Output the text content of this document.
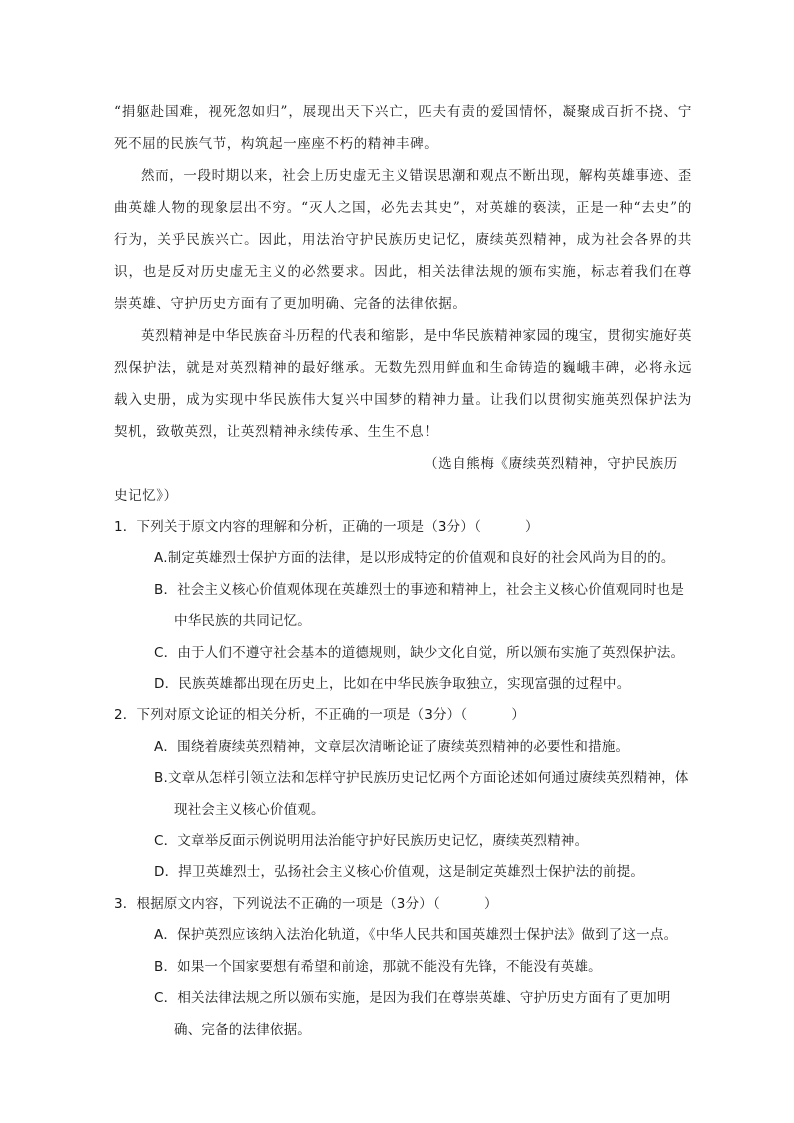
“捐躯赴国难，视死忽如归”，展现出天下兴亡，匹夫有责的爱国情怀，凝聚成百折不挠、宁死不屈的民族气节，构筑起一座座不朽的精神丰碑。

然而，一段时期以来，社会上历史虚无主义错误思潮和观点不断出现，解构英雄事迹、歪曲英雄人物的现象层出不穷。“灭人之国，必先去其史”，对英雄的亵渎，正是一种“去史”的行为，关乎民族兴亡。因此，用法治守护民族历史记忆，赓续英烈精神，成为社会各界的共识，也是反对历史虚无主义的必然要求。因此，相关法律法规的颁布实施，标志着我们在尊崇英雄、守护历史方面有了更加明确、完备的法律依据。

英烈精神是中华民族奋斗历程的代表和缩影，是中华民族精神家园的瑰宝，贯彻实施好英烈保护法，就是对英烈精神的最好继承。无数先烈用鲜血和生命铸造的巍峨丰碑，必将永远载入史册，成为实现中华民族伟大复兴中国梦的精神力量。让我们以贯彻实施英烈保护法为契机，致敬英烈，让英烈精神永续传承、生生不息！

（选自熊梅《赓续英烈精神，守护民族历

史记忆》）

1．下列关于原文内容的理解和分析，正确的一项是（3分）（	）

A.制定英雄烈士保护方面的法律，是以形成特定的价值观和良好的社会风尚为目的的。
B．社会主义核心价值观体现在英雄烈士的事迹和精神上，社会主义核心价值观同时也是中华民族的共同记忆。
C．由于人们不遵守社会基本的道德规则，缺少文化自觉，所以颁布实施了英烈保护法。
D．民族英雄都出现在历史上，比如在中华民族争取独立，实现富强的过程中。

2．下列对原文论证的相关分析，不正确的一项是（3分）（	）

A．围绕着赓续英烈精神，文章层次清晰论证了赓续英烈精神的必要性和措施。
B.文章从怎样引领立法和怎样守护民族历史记忆两个方面论述如何通过赓续英烈精神，体现社会主义核心价值观。
C．文章举反面示例说明用法治能守护好民族历史记忆，赓续英烈精神。
D．捍卫英雄烈士，弘扬社会主义核心价值观，这是制定英雄烈士保护法的前提。

3．根据原文内容，下列说法不正确的一项是（3分）（	）

A．保护英烈应该纳入法治化轨道，《中华人民共和国英雄烈士保护法》做到了这一点。
B．如果一个国家要想有希望和前途，那就不能没有先锋，不能没有英雄。
C．相关法律法规之所以颁布实施，是因为我们在尊崇英雄、守护历史方面有了更加明确、完备的法律依据。
